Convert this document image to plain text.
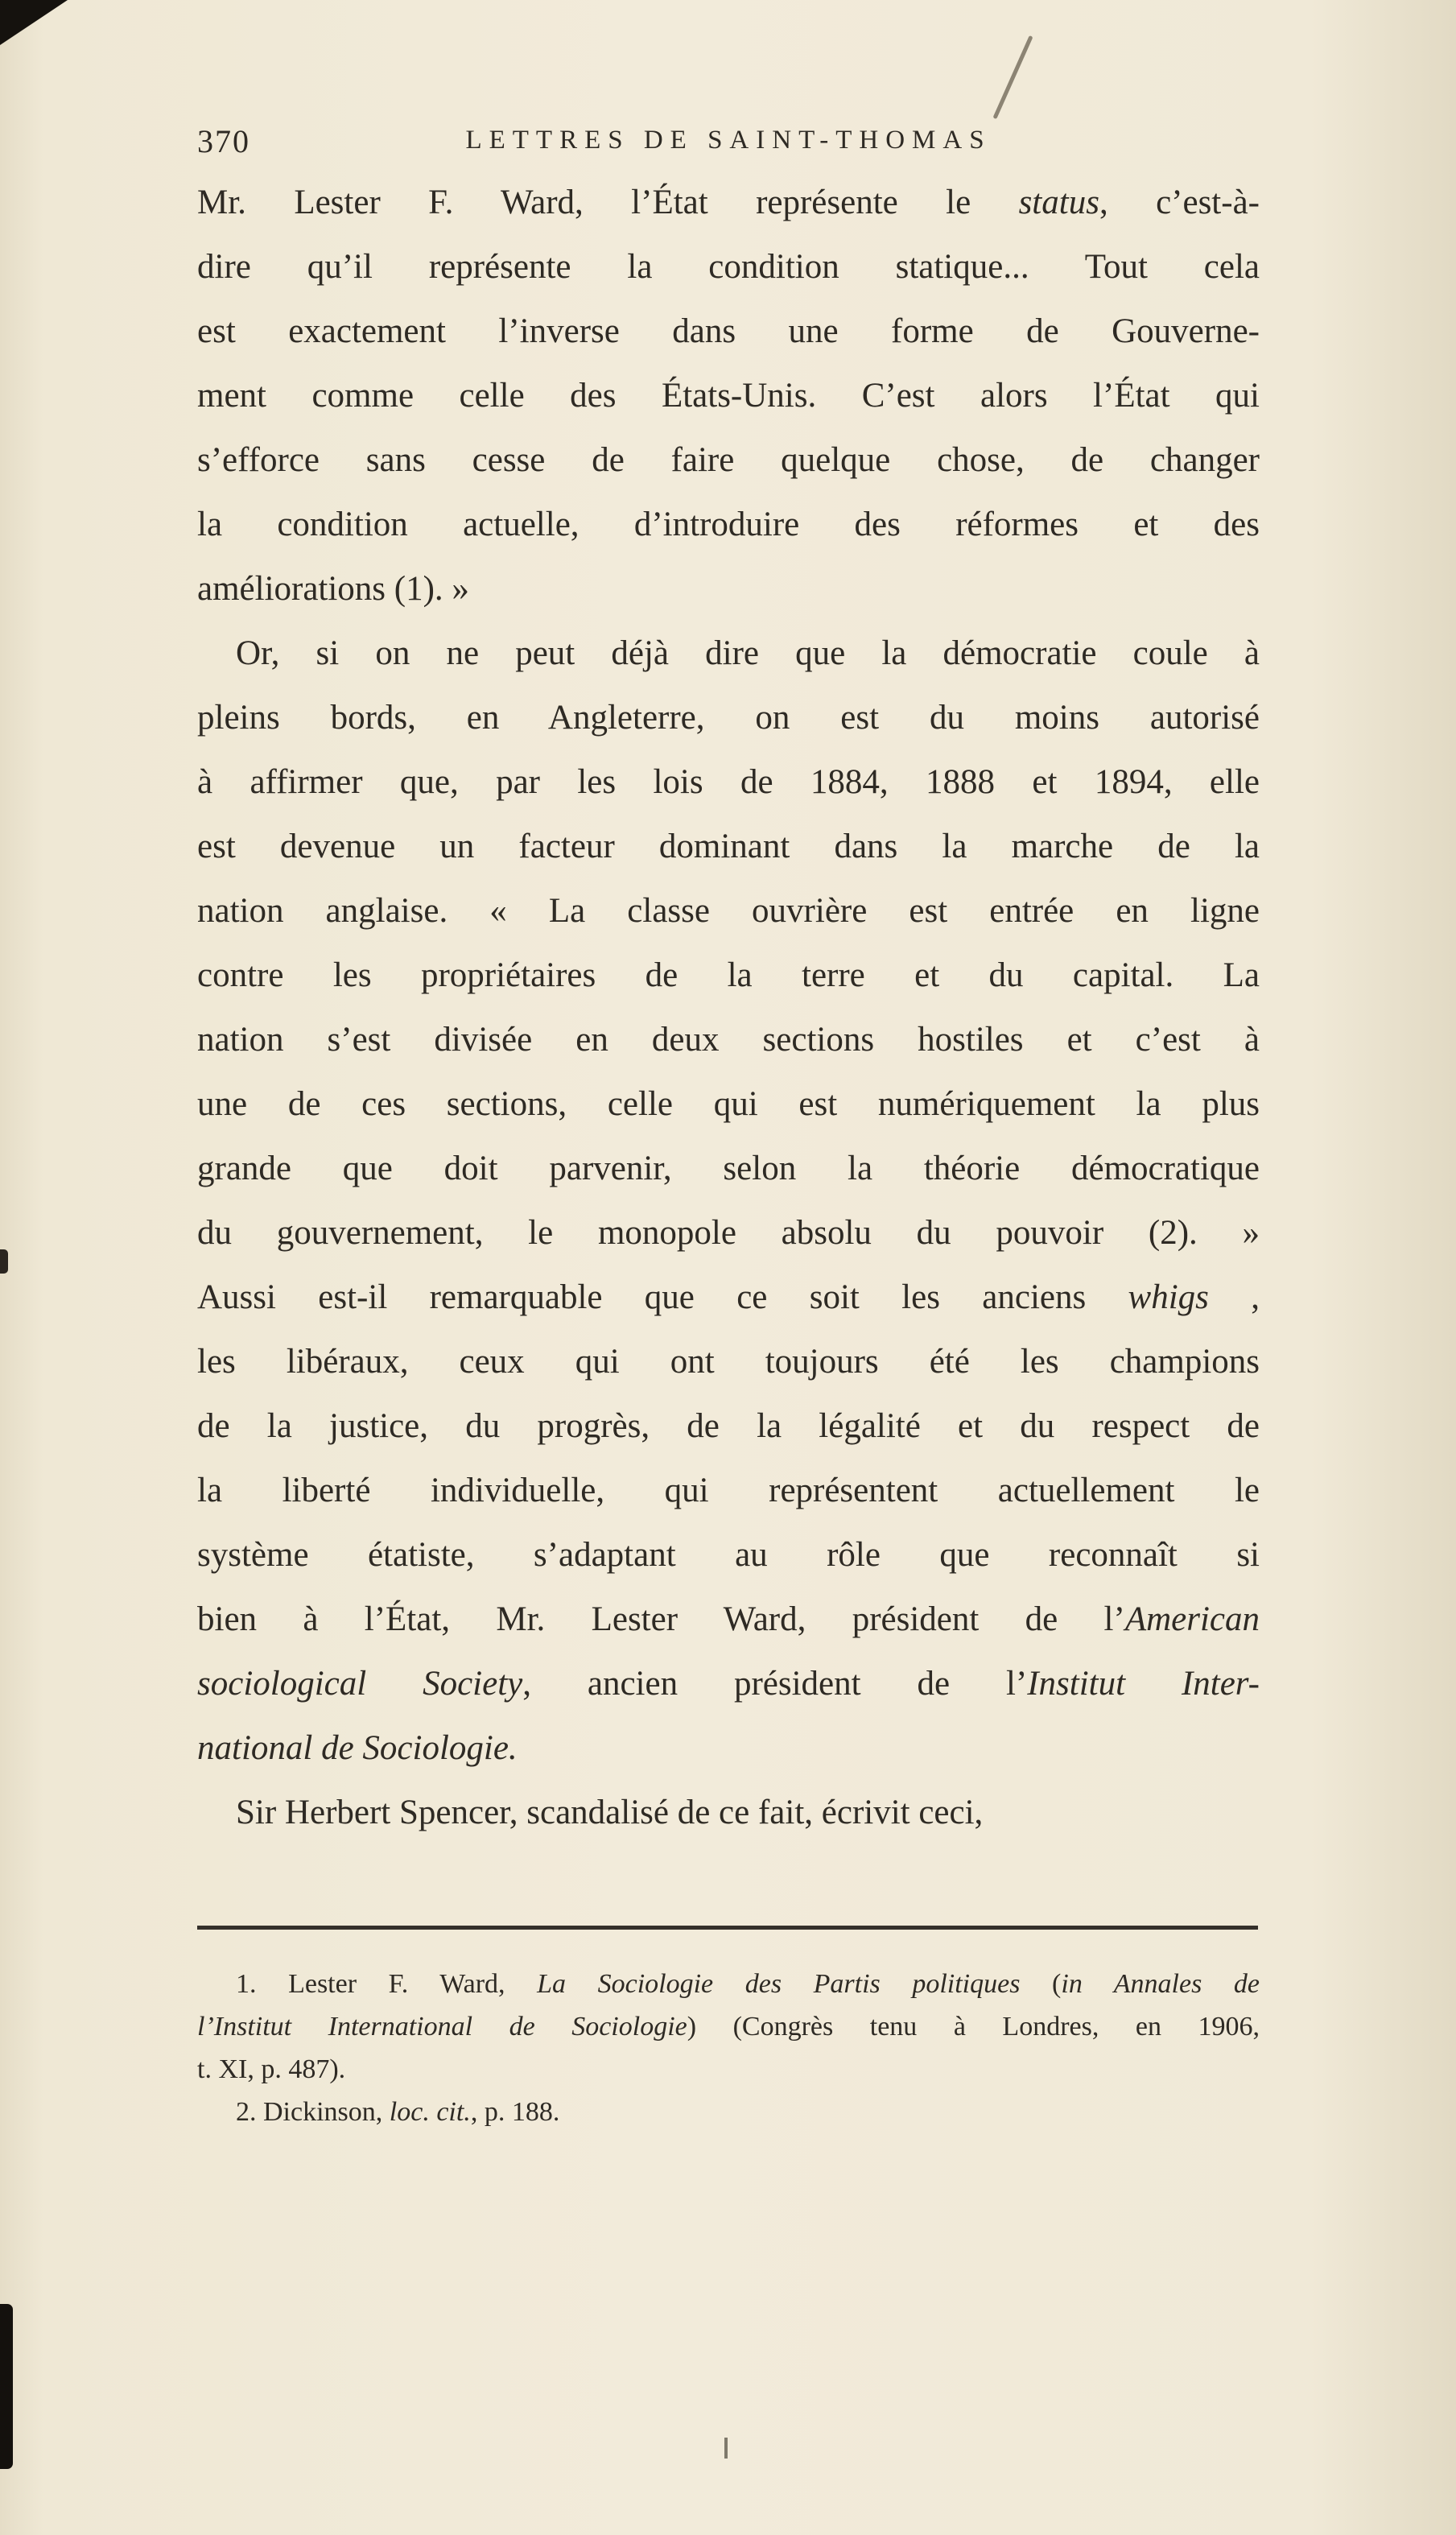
370	LETTRES DE SAINT-THOMAS
Mr. Lester F. Ward, l’État représente le status, c’est-à-
dire qu’il représente la condition statique... Tout cela
est exactement l’inverse dans une forme de Gouverne-
ment comme celle des États-Unis. C’est alors l’État qui
s’efforce sans cesse de faire quelque chose, de changer
la condition actuelle, d’introduire des réformes et des
améliorations (1). »
Or, si on ne peut déjà dire que la démocratie coule à
pleins bords, en Angleterre, on est du moins autorisé
à affirmer que, par les lois de 1884, 1888 et 1894, elle
est devenue un facteur dominant dans la marche de la
nation anglaise. « La classe ouvrière est entrée en ligne
contre les propriétaires de la terre et du capital. La
nation s’est divisée en deux sections hostiles et c’est à
une de ces sections, celle qui est numériquement la plus
grande que doit parvenir, selon la théorie démocratique
du gouvernement, le monopole absolu du pouvoir (2). »
Aussi est-il remarquable que ce soit les anciens whigs ,
les libéraux, ceux qui ont toujours été les champions
de la justice, du progrès, de la légalité et du respect de
la liberté individuelle, qui représentent actuellement le
système étatiste, s’adaptant au rôle que reconnaît si
bien à l’État, Mr. Lester Ward, président de l’American
sociological Society, ancien président de l’Institut Inter-
national de Sociologie.
Sir Herbert Spencer, scandalisé de ce fait, écrivit ceci,
1. Lester F. Ward, La Sociologie des Partis politiques (in Annales de
l’Institut International de Sociologie) (Congrès tenu à Londres, en 1906,
t. XI, p. 487).
2. Dickinson, loc. cit., p. 188.
